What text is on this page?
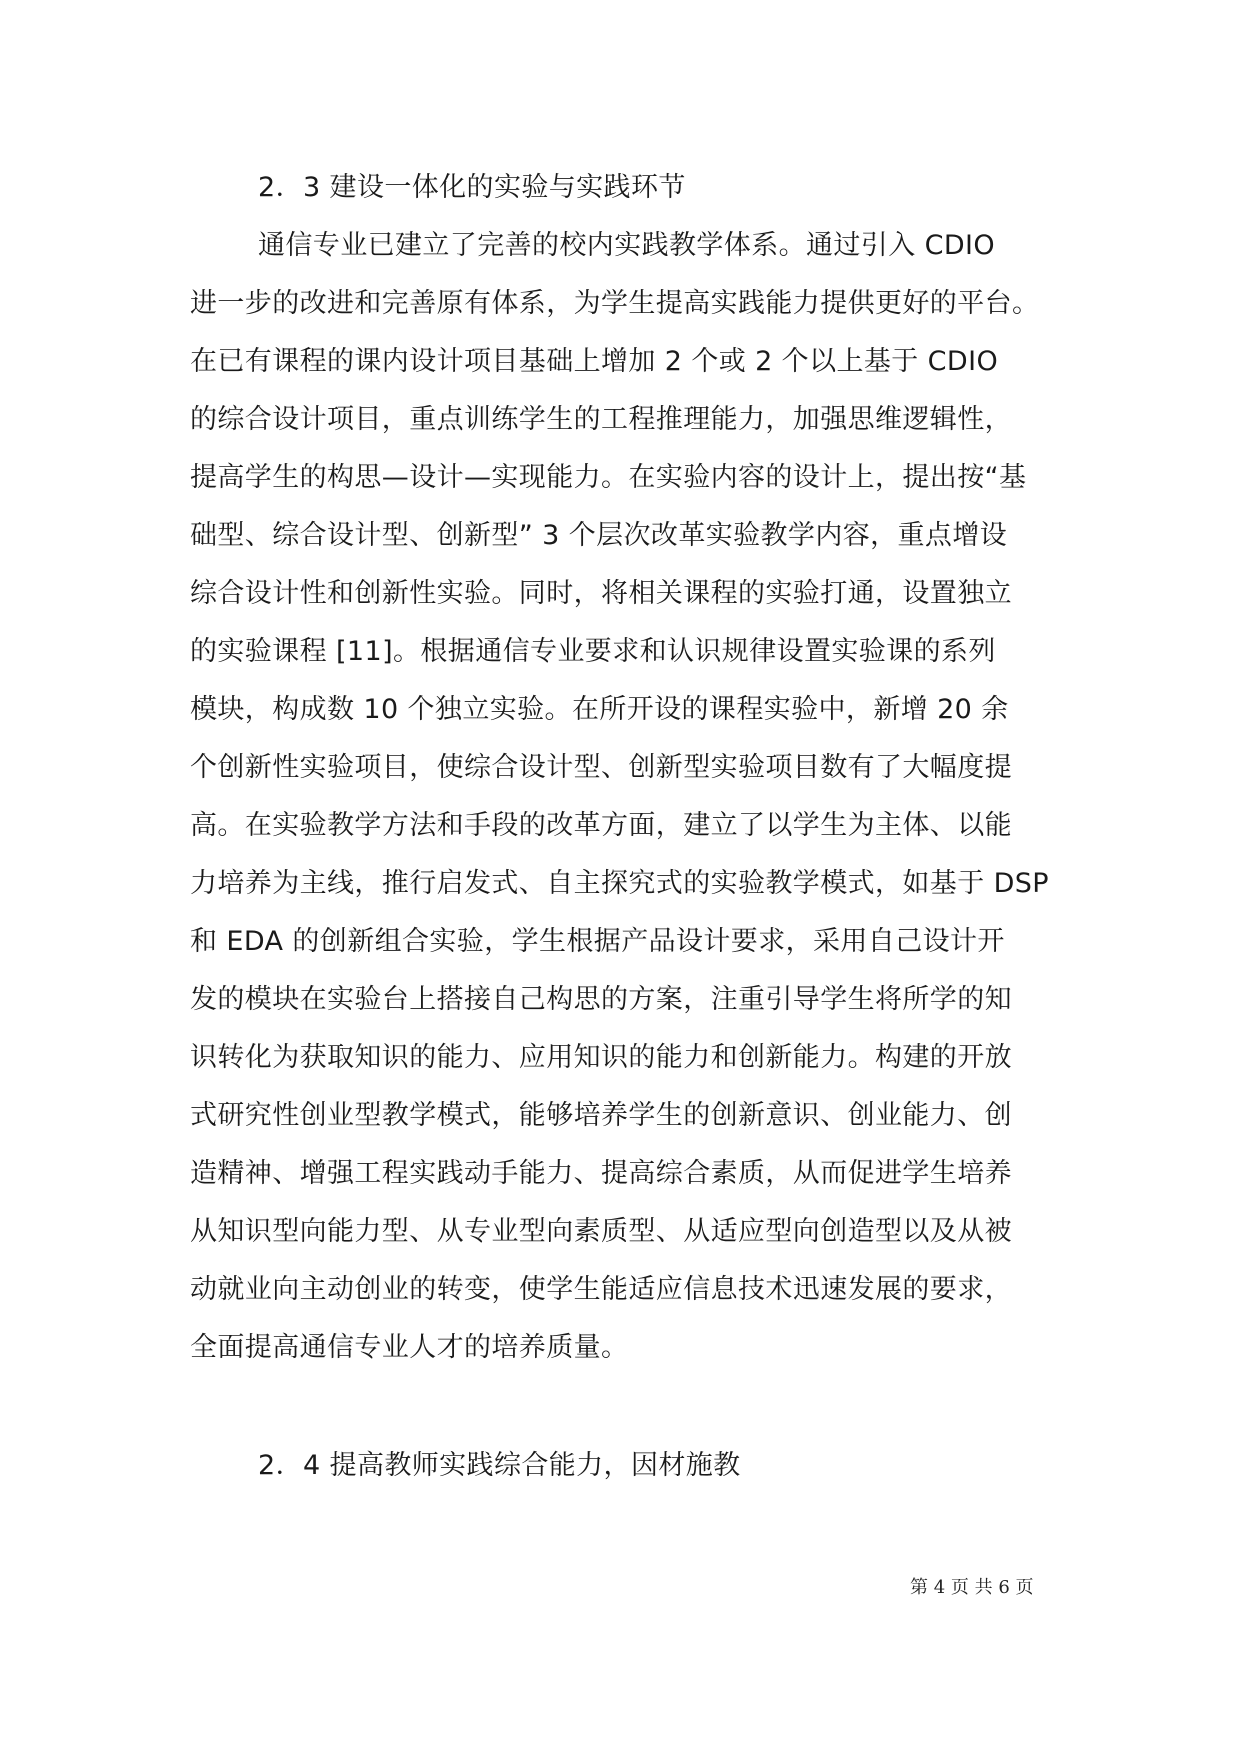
2．3 建设一体化的实验与实践环节
通信专业已建立了完善的校内实践教学体系。通过引入 CDIO
进一步的改进和完善原有体系，为学生提高实践能力提供更好的平台。
在已有课程的课内设计项目基础上增加 2 个或 2 个以上基于 CDIO
的综合设计项目，重点训练学生的工程推理能力，加强思维逻辑性，
提高学生的构思—设计—实现能力。在实验内容的设计上，提出按“基
础型、综合设计型、创新型” 3 个层次改革实验教学内容，重点增设
综合设计性和创新性实验。同时，将相关课程的实验打通，设置独立
的实验课程 [11]。根据通信专业要求和认识规律设置实验课的系列
模块，构成数 10 个独立实验。在所开设的课程实验中，新增 20 余
个创新性实验项目，使综合设计型、创新型实验项目数有了大幅度提
高。在实验教学方法和手段的改革方面，建立了以学生为主体、以能
力培养为主线，推行启发式、自主探究式的实验教学模式，如基于 DSP
和 EDA 的创新组合实验，学生根据产品设计要求，采用自己设计开
发的模块在实验台上搭接自己构思的方案，注重引导学生将所学的知
识转化为获取知识的能力、应用知识的能力和创新能力。构建的开放
式研究性创业型教学模式，能够培养学生的创新意识、创业能力、创
造精神、增强工程实践动手能力、提高综合素质，从而促进学生培养
从知识型向能力型、从专业型向素质型、从适应型向创造型以及从被
动就业向主动创业的转变，使学生能适应信息技术迅速发展的要求，
全面提高通信专业人才的培养质量。
2．4 提高教师实践综合能力，因材施教
第 4 页 共 6 页
